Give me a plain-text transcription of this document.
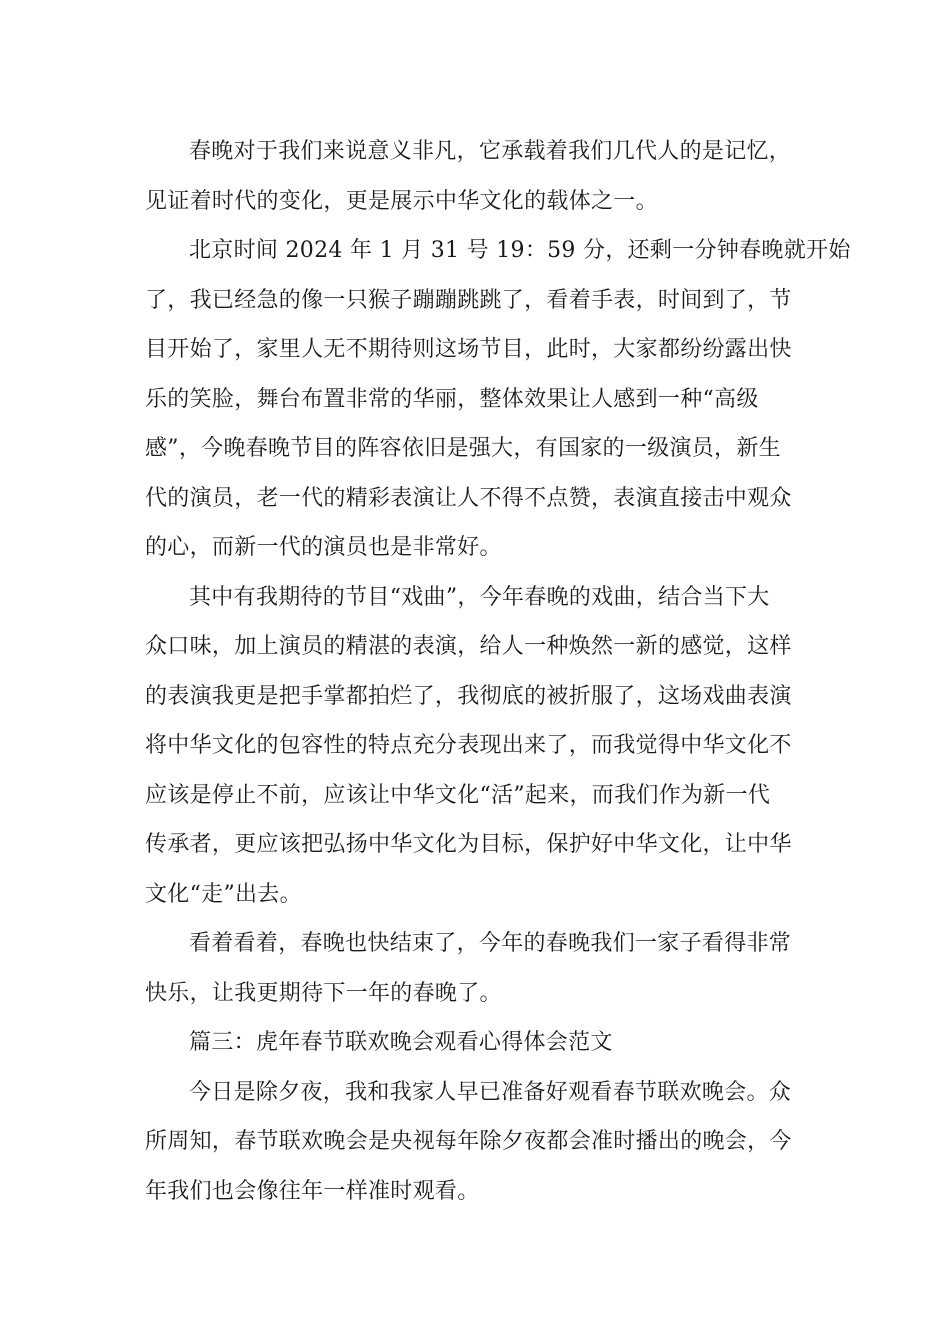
春晚对于我们来说意义非凡，它承载着我们几代人的是记忆，
见证着时代的变化，更是展示中华文化的载体之一。
北京时间 2024 年 1 月 31 号 19：59 分，还剩一分钟春晚就开始
了，我已经急的像一只猴子蹦蹦跳跳了，看着手表，时间到了，节
目开始了，家里人无不期待则这场节目，此时，大家都纷纷露出快
乐的笑脸，舞台布置非常的华丽，整体效果让人感到一种“高级
感”，今晚春晚节目的阵容依旧是强大，有国家的一级演员，新生
代的演员，老一代的精彩表演让人不得不点赞，表演直接击中观众
的心，而新一代的演员也是非常好。
其中有我期待的节目“戏曲”，今年春晚的戏曲，结合当下大
众口味，加上演员的精湛的表演，给人一种焕然一新的感觉，这样
的表演我更是把手掌都拍烂了，我彻底的被折服了，这场戏曲表演
将中华文化的包容性的特点充分表现出来了，而我觉得中华文化不
应该是停止不前，应该让中华文化“活”起来，而我们作为新一代
传承者，更应该把弘扬中华文化为目标，保护好中华文化，让中华
文化“走”出去。
看着看着，春晚也快结束了，今年的春晚我们一家子看得非常
快乐，让我更期待下一年的春晚了。
篇三：虎年春节联欢晚会观看心得体会范文
今日是除夕夜，我和我家人早已准备好观看春节联欢晚会。众
所周知，春节联欢晚会是央视每年除夕夜都会准时播出的晚会，今
年我们也会像往年一样准时观看。
